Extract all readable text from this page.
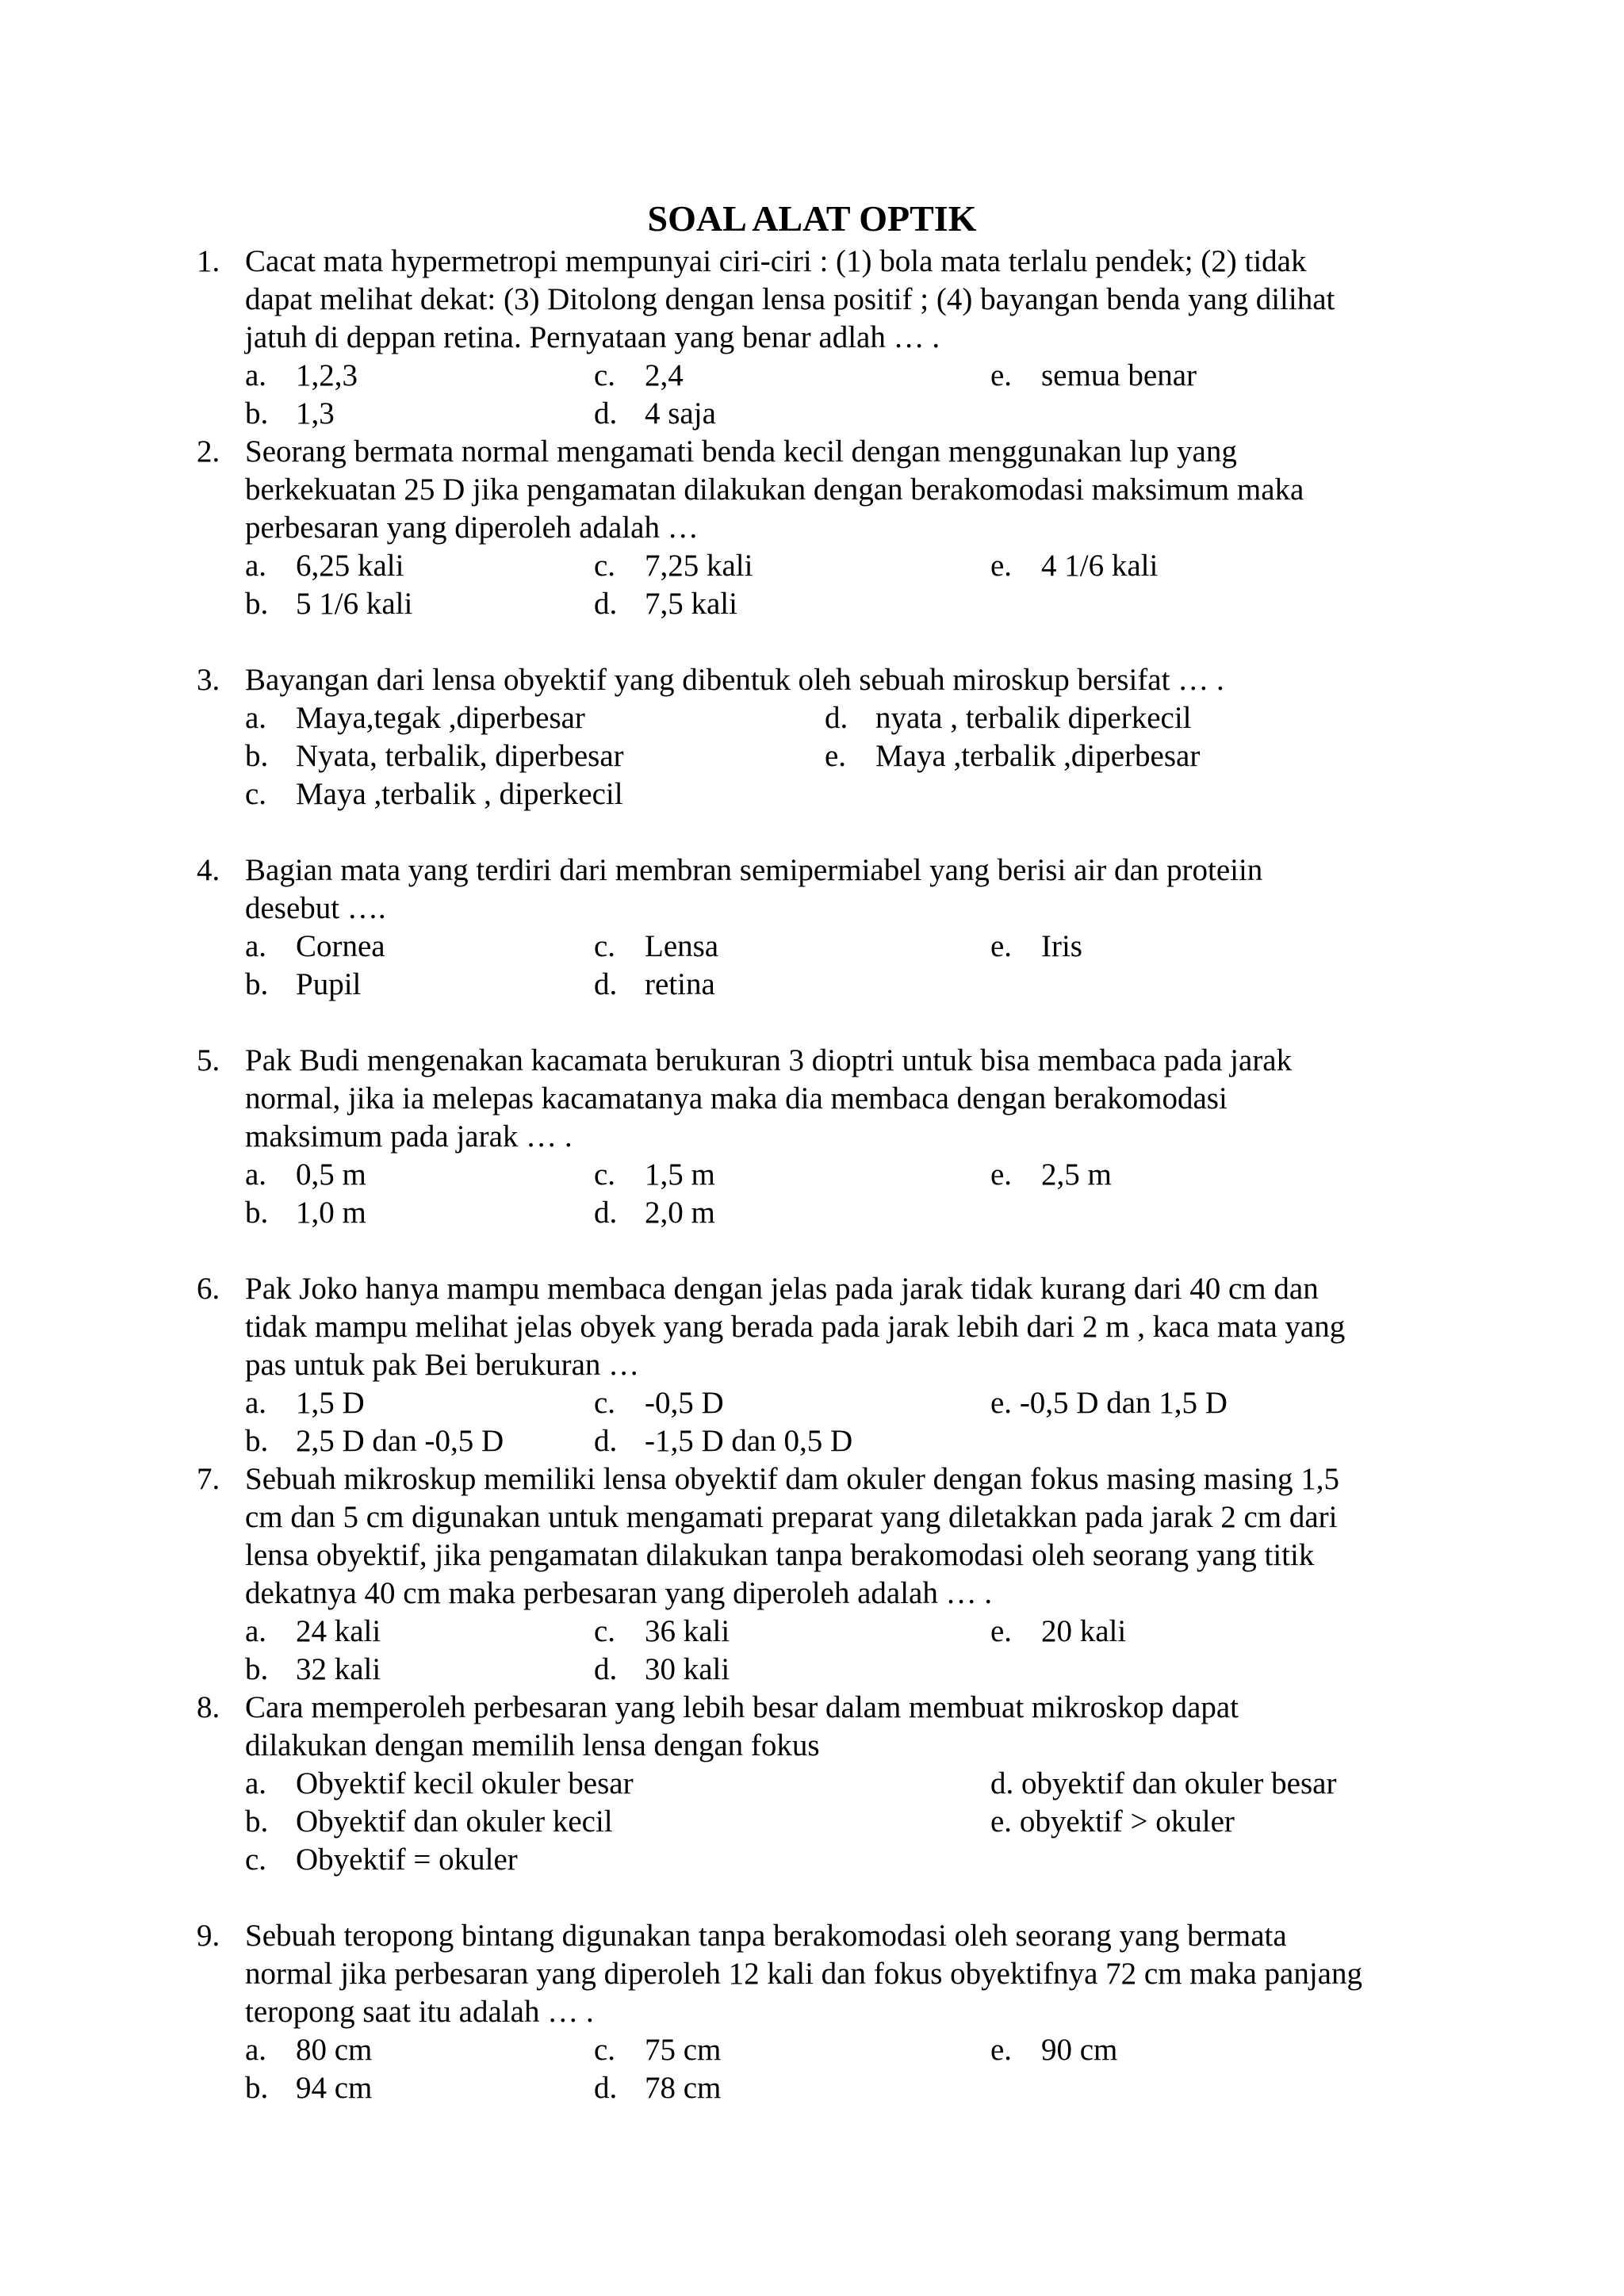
SOAL ALAT OPTIK
1. Cacat mata hypermetropi mempunyai ciri-ciri : (1) bola mata terlalu pendek; (2) tidak
dapat melihat dekat: (3) Ditolong dengan lensa positif ; (4) bayangan benda yang dilihat
jatuh di deppan retina. Pernyataan yang benar adlah … .
a. 1,2,3
b. 1,3
c. 2,4
d. 4 saja
e. semua benar
2. Seorang bermata normal mengamati benda kecil dengan menggunakan lup yang
berkekuatan 25 D jika pengamatan dilakukan dengan berakomodasi maksimum maka
perbesaran yang diperoleh adalah …
a. 6,25 kali
b. 5 1/6 kali
c. 7,25 kali
d. 7,5 kali
e. 4 1/6 kali
3. Bayangan dari lensa obyektif yang dibentuk oleh sebuah miroskup bersifat … .
a. Maya,tegak ,diperbesar
b. Nyata, terbalik, diperbesar
c. Maya ,terbalik , diperkecil
d. nyata , terbalik diperkecil
e. Maya ,terbalik ,diperbesar
4. Bagian mata yang terdiri dari membran semipermiabel yang berisi air dan proteiin
desebut ….
a. Cornea
b. Pupil
c. Lensa
d. retina
e. Iris
5. Pak Budi mengenakan kacamata berukuran 3 dioptri untuk bisa membaca pada jarak
normal, jika ia melepas kacamatanya maka dia membaca dengan berakomodasi
maksimum pada jarak … .
a. 0,5 m
b. 1,0 m
c. 1,5 m
d. 2,0 m
e. 2,5 m
6. Pak Joko hanya mampu membaca dengan jelas pada jarak tidak kurang dari 40 cm dan
tidak mampu melihat jelas obyek yang berada pada jarak lebih dari 2 m , kaca mata yang
pas untuk pak Bei berukuran …
a. 1,5 D
b. 2,5 D dan -0,5 D
c. -0,5 D
d. -1,5 D dan 0,5 D
e. -0,5 D dan 1,5 D
7. Sebuah mikroskup memiliki lensa obyektif dam okuler dengan fokus masing masing 1,5
cm dan 5 cm digunakan untuk mengamati preparat yang diletakkan pada jarak 2 cm dari
lensa obyektif, jika pengamatan dilakukan tanpa berakomodasi oleh seorang yang titik
dekatnya 40 cm maka perbesaran yang diperoleh adalah … .
a. 24 kali
b. 32 kali
c. 36 kali
d. 30 kali
e. 20 kali
8. Cara memperoleh perbesaran yang lebih besar dalam membuat mikroskop dapat
dilakukan dengan memilih lensa dengan fokus
a. Obyektif kecil okuler besar
b. Obyektif dan okuler kecil
c. Obyektif = okuler
d. obyektif dan okuler besar
e. obyektif > okuler
9. Sebuah teropong bintang digunakan tanpa berakomodasi oleh seorang yang bermata
normal jika perbesaran yang diperoleh 12 kali dan fokus obyektifnya 72 cm maka panjang
teropong saat itu adalah … .
a. 80 cm
b. 94 cm
c. 75 cm
d. 78 cm
e. 90 cm
